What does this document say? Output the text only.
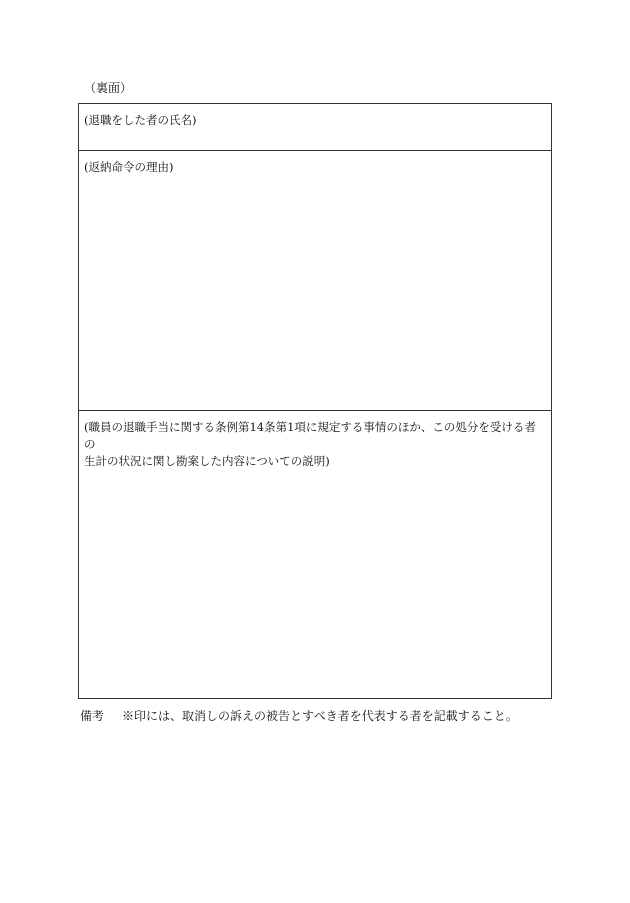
（裏面）
(退職をした者の氏名)
(返納命令の理由)
(職員の退職手当に関する条例第14条第1項に規定する事情のほか、この処分を受ける者の
生計の状況に関し勘案した内容についての説明)
備考 ※印には、取消しの訴えの被告とすべき者を代表する者を記載すること。
